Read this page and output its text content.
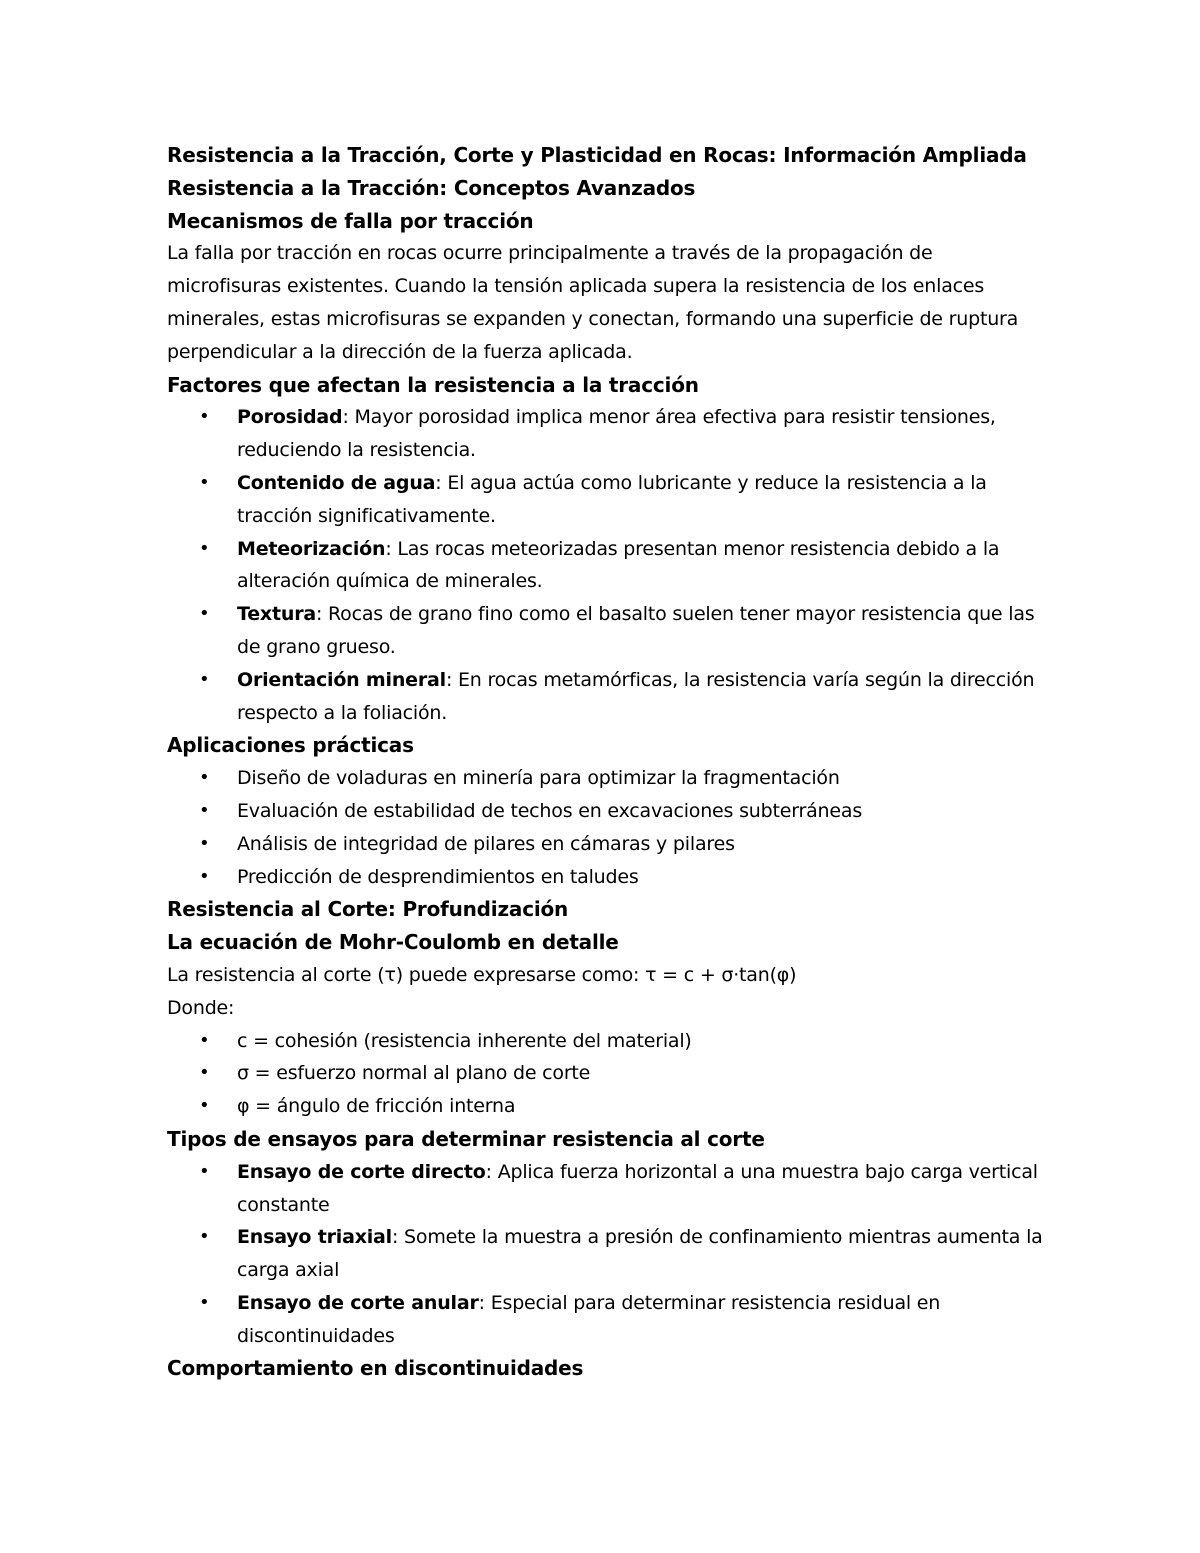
Resistencia a la Tracción, Corte y Plasticidad en Rocas: Información Ampliada
Resistencia a la Tracción: Conceptos Avanzados
Mecanismos de falla por tracción

La falla por tracción en rocas ocurre principalmente a través de la propagación de microfisuras existentes. Cuando la tensión aplicada supera la resistencia de los enlaces minerales, estas microfisuras se expanden y conectan, formando una superficie de ruptura perpendicular a la dirección de la fuerza aplicada.

Factores que afectan la resistencia a la tracción
• Porosidad: Mayor porosidad implica menor área efectiva para resistir tensiones, reduciendo la resistencia.
• Contenido de agua: El agua actúa como lubricante y reduce la resistencia a la tracción significativamente.
• Meteorización: Las rocas meteorizadas presentan menor resistencia debido a la alteración química de minerales.
• Textura: Rocas de grano fino como el basalto suelen tener mayor resistencia que las de grano grueso.
• Orientación mineral: En rocas metamórficas, la resistencia varía según la dirección respecto a la foliación.
Aplicaciones prácticas
• Diseño de voladuras en minería para optimizar la fragmentación
• Evaluación de estabilidad de techos en excavaciones subterráneas
• Análisis de integridad de pilares en cámaras y pilares
• Predicción de desprendimientos en taludes
Resistencia al Corte: Profundización
La ecuación de Mohr-Coulomb en detalle

La resistencia al corte (τ) puede expresarse como: τ = c + σ·tan(φ)

Donde:

• c = cohesión (resistencia inherente del material)
• σ = esfuerzo normal al plano de corte
• φ = ángulo de fricción interna
Tipos de ensayos para determinar resistencia al corte
• Ensayo de corte directo: Aplica fuerza horizontal a una muestra bajo carga vertical constante
• Ensayo triaxial: Somete la muestra a presión de confinamiento mientras aumenta la carga axial
• Ensayo de corte anular: Especial para determinar resistencia residual en discontinuidades
Comportamiento en discontinuidades
